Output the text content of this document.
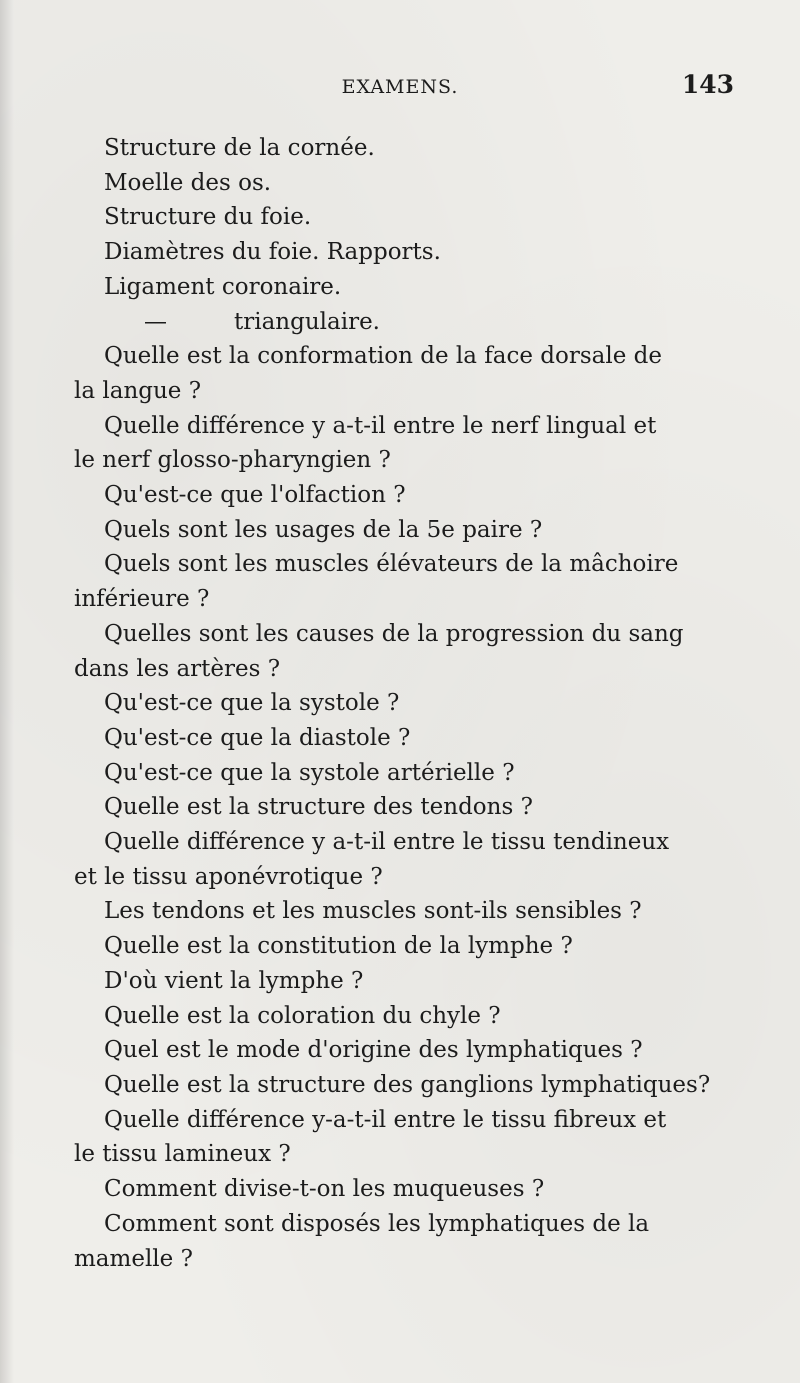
EXAMENS.	143
Structure de la cornée.
Moelle des os.
Structure du foie.
Diamètres du foie. Rapports.
Ligament coronaire.
—	triangulaire.
Quelle est la conformation de la face dorsale de
la langue ?
Quelle différence y a-t-il entre le nerf lingual et
le nerf glosso-pharyngien ?
Qu'est-ce que l'olfaction ?
Quels sont les usages de la 5e paire ?
Quels sont les muscles élévateurs de la mâchoire
inférieure ?
Quelles sont les causes de la progression du sang
dans les artères ?
Qu'est-ce que la systole ?
Qu'est-ce que la diastole ?
Qu'est-ce que la systole artérielle ?
Quelle est la structure des tendons ?
Quelle différence y a-t-il entre le tissu tendineux
et le tissu aponévrotique ?
Les tendons et les muscles sont-ils sensibles ?
Quelle est la constitution de la lymphe ?
D'où vient la lymphe ?
Quelle est la coloration du chyle ?
Quel est le mode d'origine des lymphatiques ?
Quelle est la structure des ganglions lymphatiques?
Quelle différence y-a-t-il entre le tissu fibreux et
le tissu lamineux ?
Comment divise-t-on les muqueuses ?
Comment sont disposés les lymphatiques de la
mamelle ?
